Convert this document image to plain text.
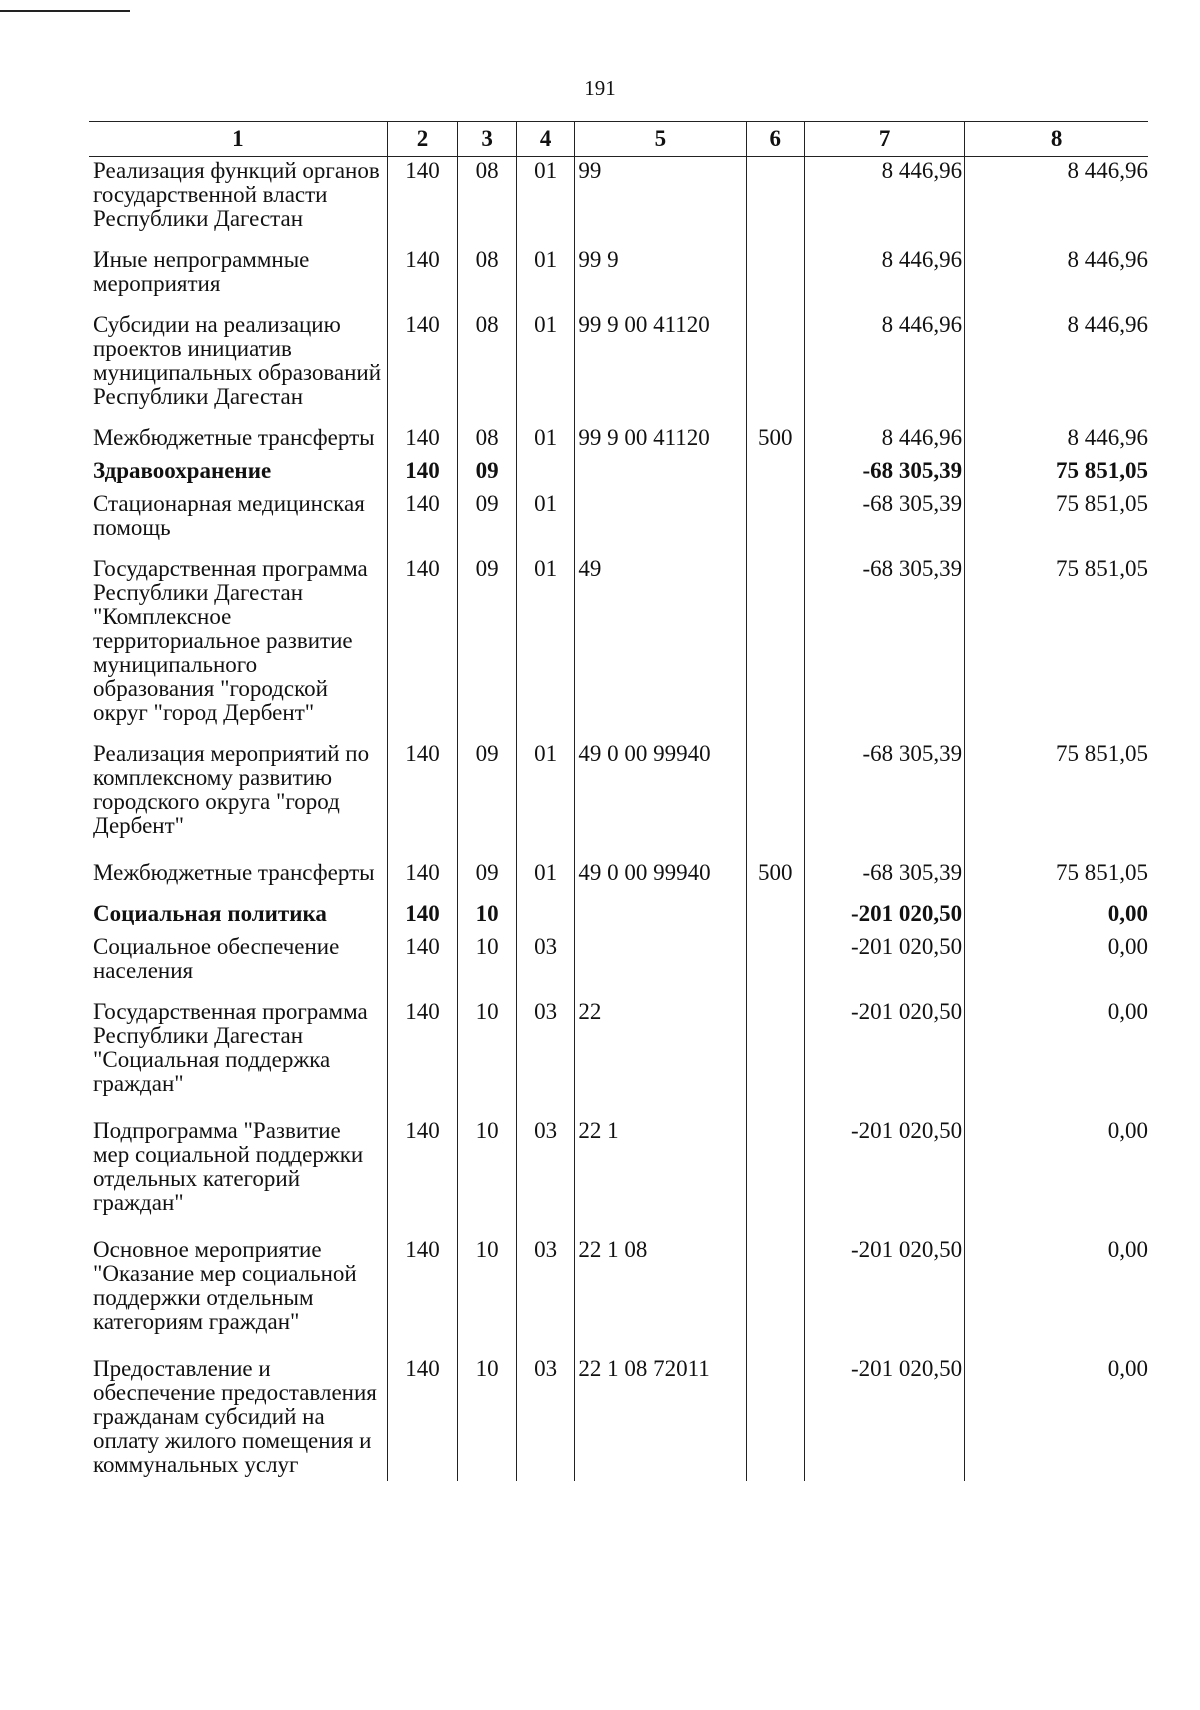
191
1	2	3	4	5	6	7	8
Реализация функций органов государственной власти Республики Дагестан	140	08	01	99		8 446,96	8 446,96
Иные непрограммные мероприятия	140	08	01	99 9		8 446,96	8 446,96
Субсидии на реализацию проектов инициатив муниципальных образований Республики Дагестан	140	08	01	99 9 00 41120		8 446,96	8 446,96
Межбюджетные трансферты	140	08	01	99 9 00 41120	500	8 446,96	8 446,96
Здравоохранение	140	09				-68 305,39	75 851,05
Стационарная медицинская помощь	140	09	01			-68 305,39	75 851,05
Государственная программа Республики Дагестан "Комплексное территориальное развитие муниципального образования "городской округ "город Дербент"	140	09	01	49		-68 305,39	75 851,05
Реализация мероприятий по комплексному развитию городского округа "город Дербент"	140	09	01	49 0 00 99940		-68 305,39	75 851,05
Межбюджетные трансферты	140	09	01	49 0 00 99940	500	-68 305,39	75 851,05
Социальная политика	140	10				-201 020,50	0,00
Социальное обеспечение населения	140	10	03			-201 020,50	0,00
Государственная программа Республики Дагестан "Социальная поддержка граждан"	140	10	03	22		-201 020,50	0,00
Подпрограмма "Развитие мер социальной поддержки отдельных категорий граждан"	140	10	03	22 1		-201 020,50	0,00
Основное мероприятие "Оказание мер социальной поддержки отдельным категориям граждан"	140	10	03	22 1 08		-201 020,50	0,00
Предоставление и обеспечение предоставления гражданам субсидий на оплату жилого помещения и коммунальных услуг	140	10	03	22 1 08 72011		-201 020,50	0,00
